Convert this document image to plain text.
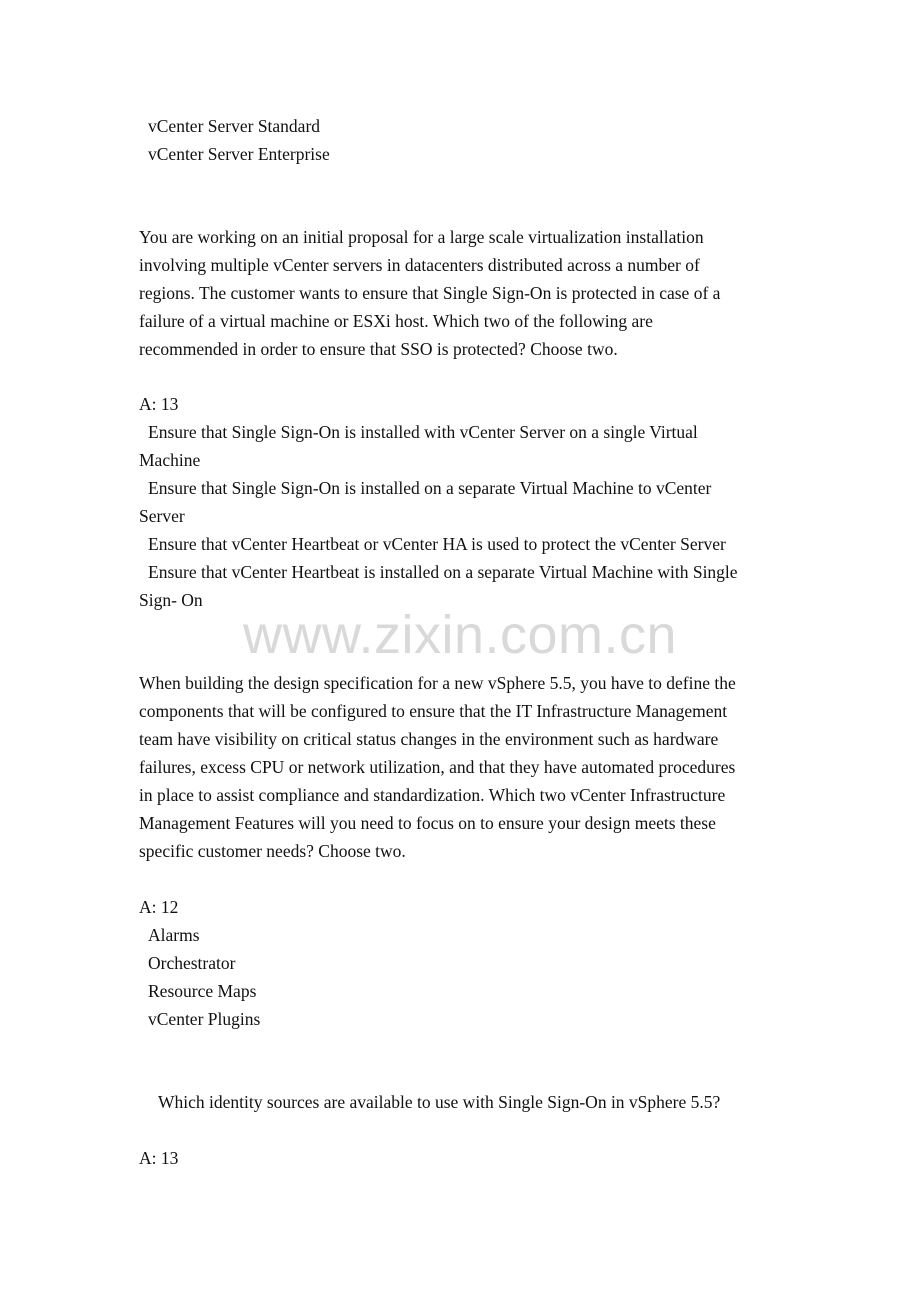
vCenter Server Standard
vCenter Server Enterprise
You are working on an initial proposal for a large scale virtualization installation
involving multiple vCenter servers in datacenters distributed across a number of
regions. The customer wants to ensure that Single Sign-On is protected in case of a
failure of a virtual machine or ESXi host. Which two of the following are
recommended in order to ensure that SSO is protected? Choose two.
A: 13
Ensure that Single Sign-On is installed with vCenter Server on a single Virtual
Machine
Ensure that Single Sign-On is installed on a separate Virtual Machine to vCenter
Server
Ensure that vCenter Heartbeat or vCenter HA is used to protect the vCenter Server
Ensure that vCenter Heartbeat is installed on a separate Virtual Machine with Single
Sign- On
When building the design specification for a new vSphere 5.5, you have to define the
components that will be configured to ensure that the IT Infrastructure Management
team have visibility on critical status changes in the environment such as hardware
failures, excess CPU or network utilization, and that they have automated procedures
in place to assist compliance and standardization. Which two vCenter Infrastructure
Management Features will you need to focus on to ensure your design meets these
specific customer needs? Choose two.
A: 12
Alarms
Orchestrator
Resource Maps
vCenter Plugins
Which identity sources are available to use with Single Sign-On in vSphere 5.5?
A: 13
www.zixin.com.cn
